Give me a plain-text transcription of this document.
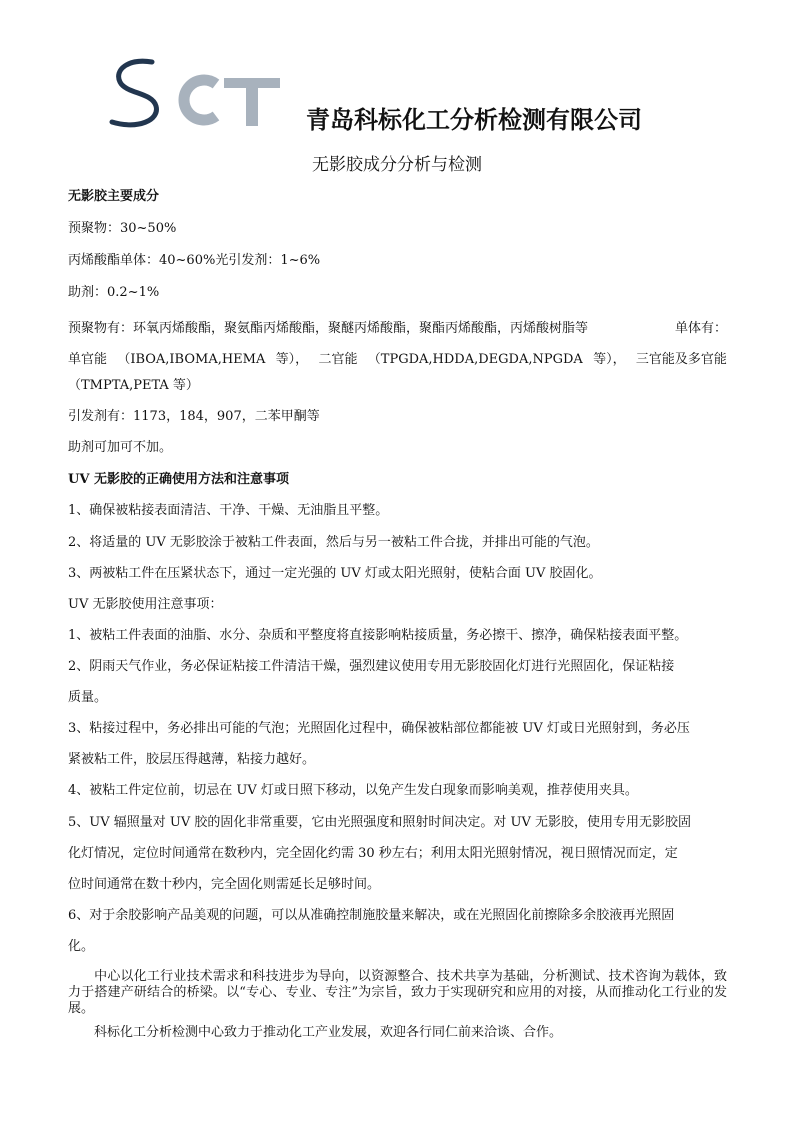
青岛科标化工分析检测有限公司
无影胶成分分析与检测
无影胶主要成分
预聚物：30~50%
丙烯酸酯单体：40~60%光引发剂：1~6%
助剂：0.2~1%
预聚物有：环氧丙烯酸酯，聚氨酯丙烯酸酯，聚醚丙烯酸酯，聚酯丙烯酸酯，丙烯酸树脂等	单体有：
单官能 （IBOA,IBOMA,HEMA 等）， 二官能 （TPGDA,HDDA,DEGDA,NPGDA 等）， 三官能及多官能
（TMPTA,PETA 等）
引发剂有：1173，184，907，二苯甲酮等
助剂可加可不加。
UV 无影胶的正确使用方法和注意事项
1、确保被粘接表面清洁、干净、干燥、无油脂且平整。
2、将适量的 UV 无影胶涂于被粘工件表面，然后与另一被粘工件合拢，并排出可能的气泡。
3、两被粘工件在压紧状态下，通过一定光强的 UV 灯或太阳光照射，使粘合面 UV 胶固化。
UV 无影胶使用注意事项：
1、被粘工件表面的油脂、水分、杂质和平整度将直接影响粘接质量，务必擦干、擦净，确保粘接表面平整。
2、阴雨天气作业，务必保证粘接工件清洁干燥，强烈建议使用专用无影胶固化灯进行光照固化，保证粘接
质量。
3、粘接过程中，务必排出可能的气泡；光照固化过程中，确保被粘部位都能被 UV 灯或日光照射到，务必压
紧被粘工件，胶层压得越薄，粘接力越好。
4、被粘工件定位前，切忌在 UV 灯或日照下移动，以免产生发白现象而影响美观，推荐使用夹具。
5、UV 辐照量对 UV 胶的固化非常重要，它由光照强度和照射时间决定。对 UV 无影胶，使用专用无影胶固
化灯情况，定位时间通常在数秒内，完全固化约需 30 秒左右；利用太阳光照射情况，视日照情况而定，定
位时间通常在数十秒内，完全固化则需延长足够时间。
6、对于余胶影响产品美观的问题，可以从准确控制施胶量来解决，或在光照固化前擦除多余胶液再光照固
化。
中心以化工行业技术需求和科技进步为导向，以资源整合、技术共享为基础，分析测试、技术咨询为载体，致力于搭建产研结合的桥梁。以“专心、专业、专注”为宗旨，致力于实现研究和应用的对接，从而推动化工行业的发展。
科标化工分析检测中心致力于推动化工产业发展，欢迎各行同仁前来洽谈、合作。
